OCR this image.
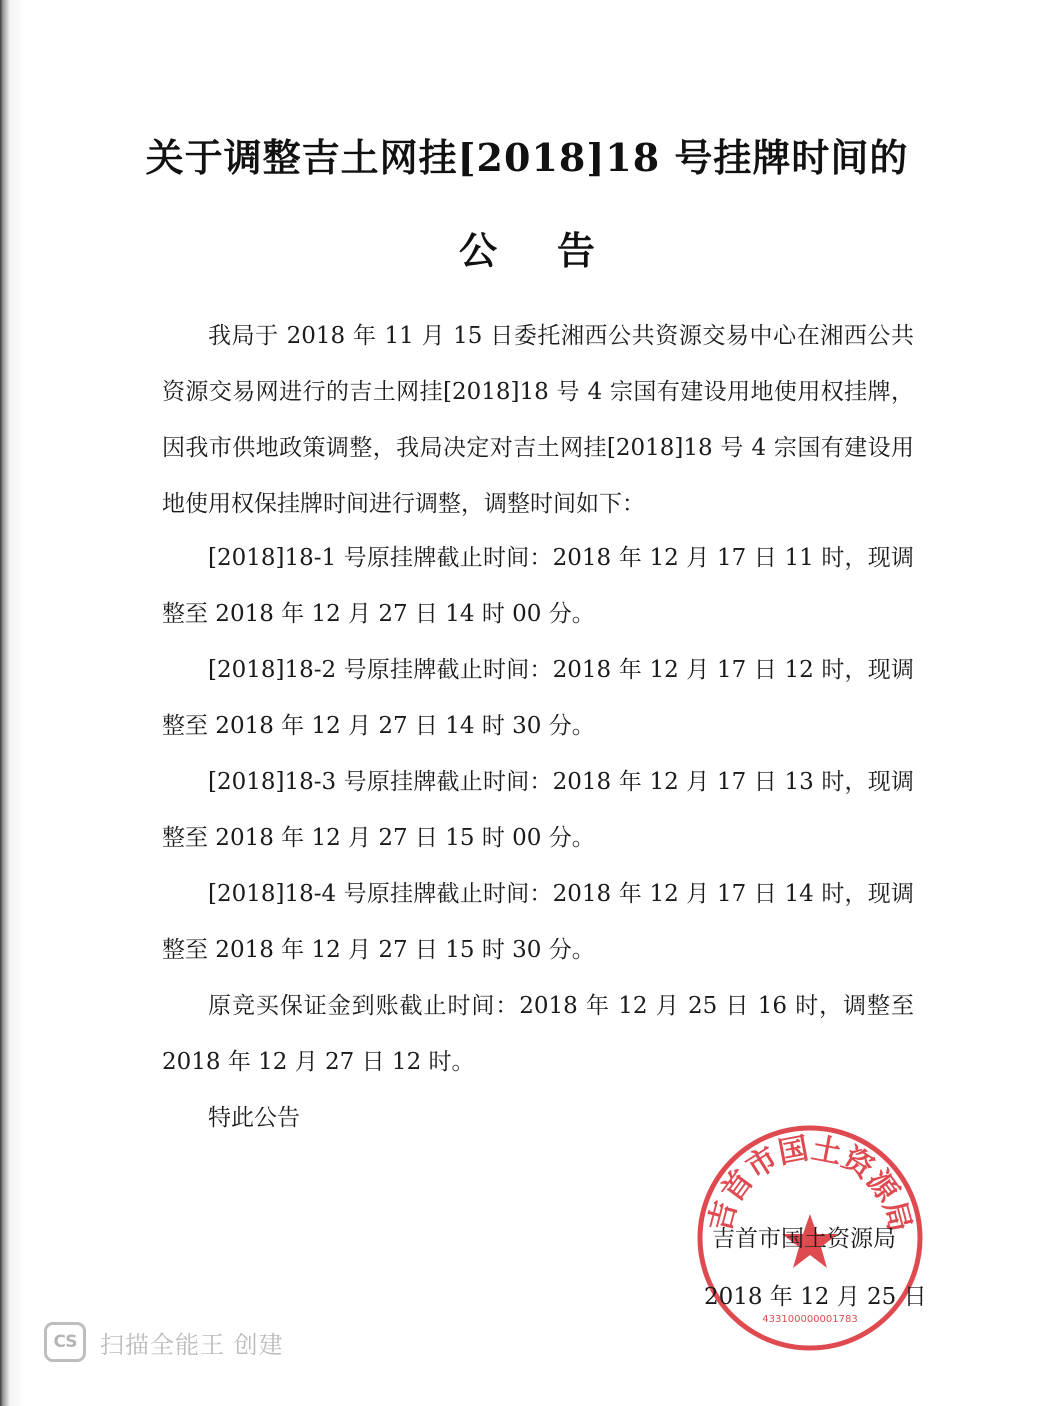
关于调整吉土网挂[2018]18 号挂牌时间的
公告
我局于 2018 年 11 月 15 日委托湘西公共资源交易中心在湘西公共资源交易网进行的吉土网挂[2018]18 号 4 宗国有建设用地使用权挂牌，因我市供地政策调整，我局决定对吉土网挂[2018]18 号 4 宗国有建设用地使用权保挂牌时间进行调整，调整时间如下：
[2018]18-1 号原挂牌截止时间：2018 年 12 月 17 日 11 时，现调整至 2018 年 12 月 27 日 14 时 00 分。
[2018]18-2 号原挂牌截止时间：2018 年 12 月 17 日 12 时，现调整至 2018 年 12 月 27 日 14 时 30 分。
[2018]18-3 号原挂牌截止时间：2018 年 12 月 17 日 13 时，现调整至 2018 年 12 月 27 日 15 时 00 分。
[2018]18-4 号原挂牌截止时间：2018 年 12 月 17 日 14 时，现调整至 2018 年 12 月 27 日 15 时 30 分。
原竞买保证金到账截止时间：2018 年 12 月 25 日 16 时，调整至 2018 年 12 月 27 日 12 时。
特此公告
吉首市国土资源局
433100000001783
吉首市国土资源局
2018 年 12 月 25 日
CS 扫描全能王 创建
